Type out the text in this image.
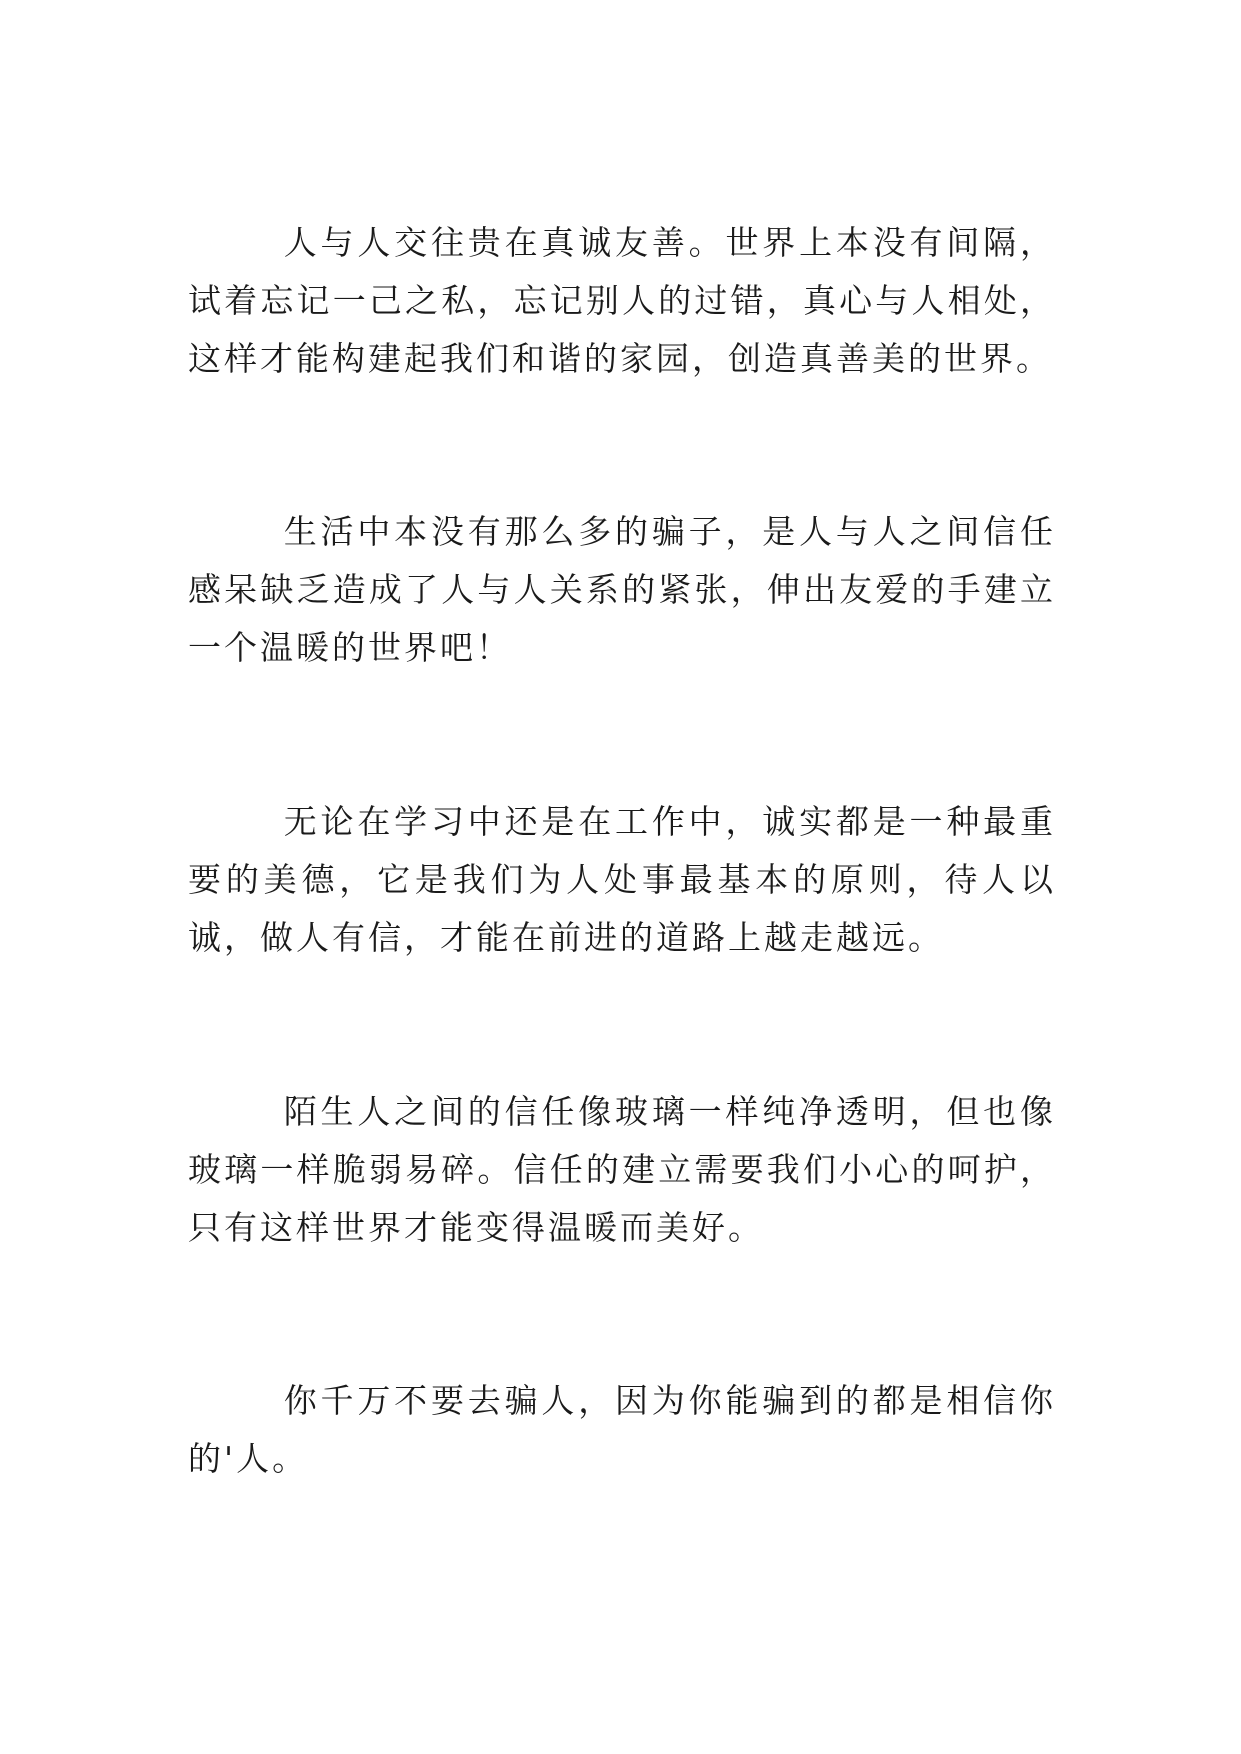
人与人交往贵在真诚友善。世界上本没有间隔，试着忘记一己之私，忘记别人的过错，真心与人相处，这样才能构建起我们和谐的家园，创造真善美的世界。

生活中本没有那么多的骗子，是人与人之间信任感呆缺乏造成了人与人关系的紧张，伸出友爱的手建立一个温暖的世界吧！

无论在学习中还是在工作中，诚实都是一种最重要的美德，它是我们为人处事最基本的原则，待人以诚，做人有信，才能在前进的道路上越走越远。

陌生人之间的信任像玻璃一样纯净透明，但也像玻璃一样脆弱易碎。信任的建立需要我们小心的呵护，只有这样世界才能变得温暖而美好。

你千万不要去骗人，因为你能骗到的都是相信你的'人。
